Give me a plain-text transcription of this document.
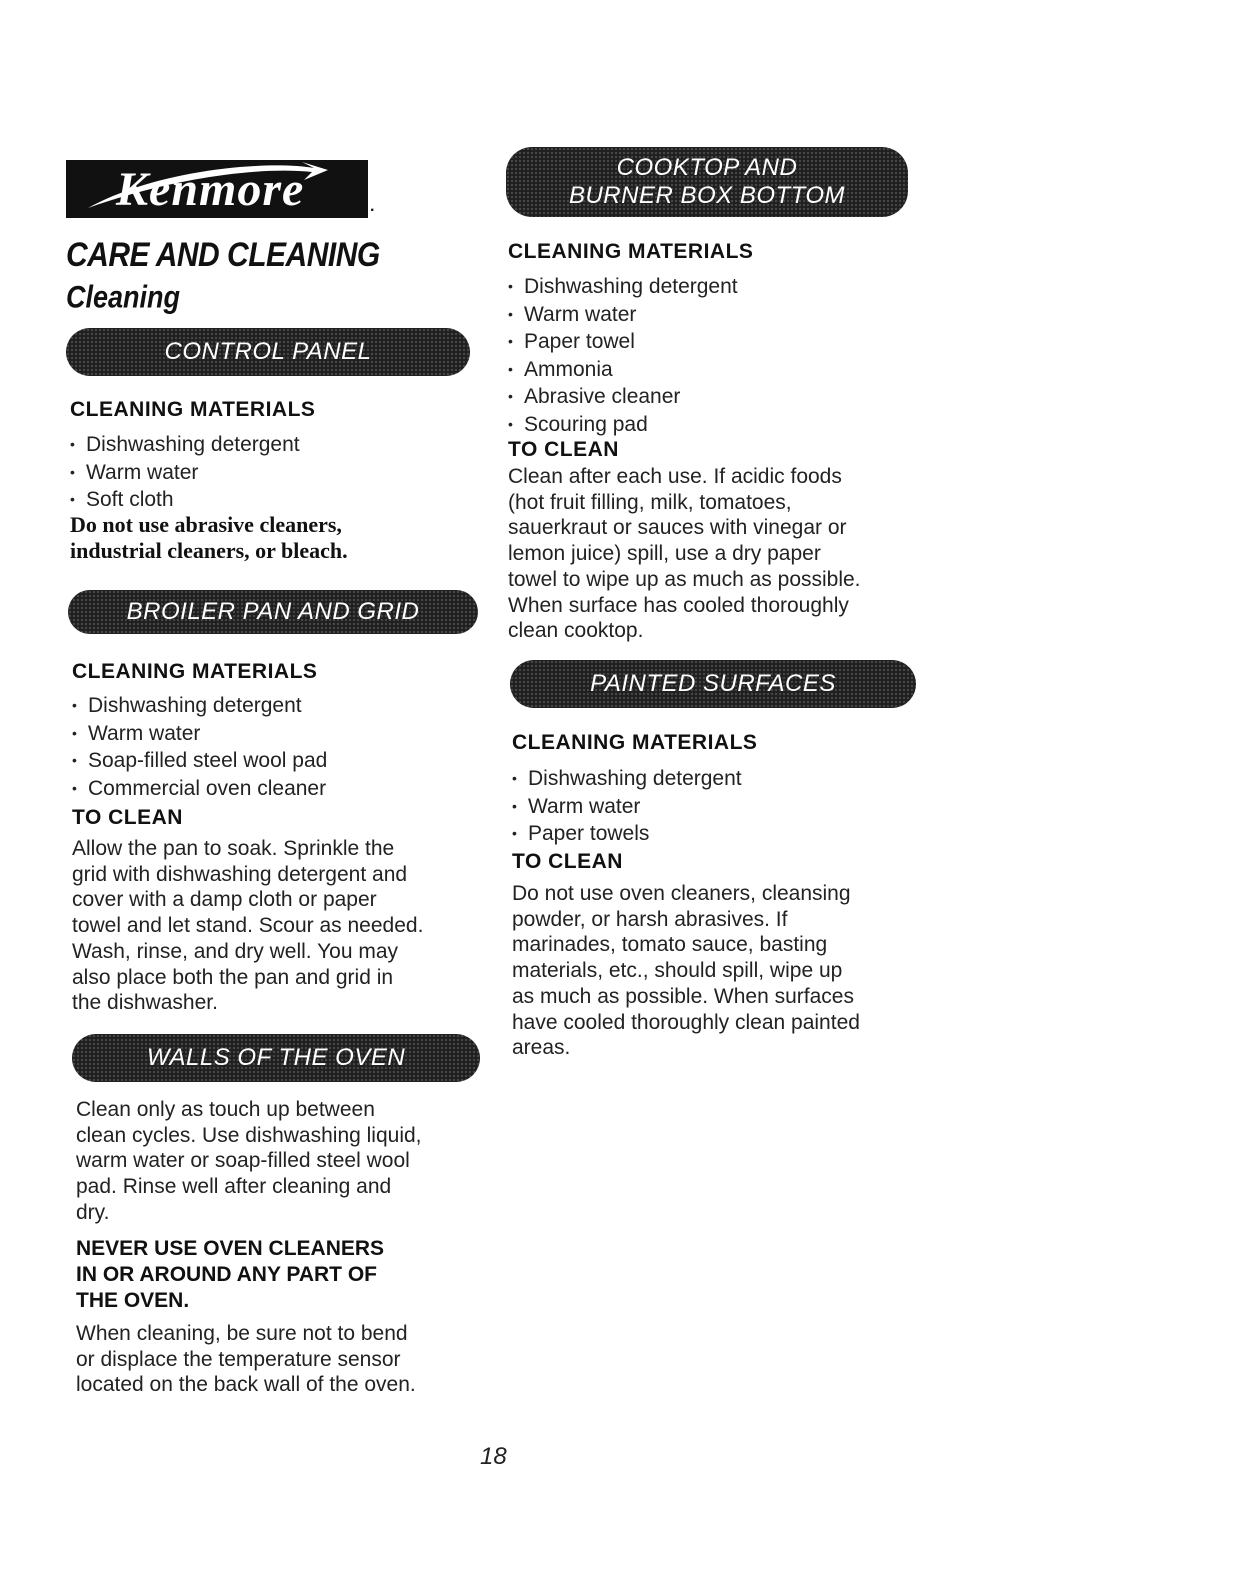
Kenmore	.
CARE AND CLEANING
Cleaning
CONTROL PANEL
CLEANING MATERIALS
• Dishwashing detergent
• Warm water
• Soft cloth
Do not use abrasive cleaners,
industrial cleaners, or bleach.
BROILER PAN AND GRID
CLEANING MATERIALS
• Dishwashing detergent
• Warm water
• Soap-filled steel wool pad
• Commercial oven cleaner
TO CLEAN
Allow the pan to soak. Sprinkle the
grid with dishwashing detergent and
cover with a damp cloth or paper
towel and let stand. Scour as needed.
Wash, rinse, and dry well. You may
also place both the pan and grid in
the dishwasher.
WALLS OF THE OVEN
Clean only as touch up between
clean cycles. Use dishwashing liquid,
warm water or soap-filled steel wool
pad. Rinse well after cleaning and
dry.
NEVER USE OVEN CLEANERS
IN OR AROUND ANY PART OF
THE OVEN.
When cleaning, be sure not to bend
or displace the temperature sensor
located on the back wall of the oven.
COOKTOP AND
BURNER BOX BOTTOM
CLEANING MATERIALS
• Dishwashing detergent
• Warm water
• Paper towel
• Ammonia
• Abrasive cleaner
• Scouring pad
TO CLEAN
Clean after each use. If acidic foods
(hot fruit filling, milk, tomatoes,
sauerkraut or sauces with vinegar or
lemon juice) spill, use a dry paper
towel to wipe up as much as possible.
When surface has cooled thoroughly
clean cooktop.
PAINTED SURFACES
CLEANING MATERIALS
• Dishwashing detergent
• Warm water
• Paper towels
TO CLEAN
Do not use oven cleaners, cleansing
powder, or harsh abrasives. If
marinades, tomato sauce, basting
materials, etc., should spill, wipe up
as much as possible. When surfaces
have cooled thoroughly clean painted
areas.
18
